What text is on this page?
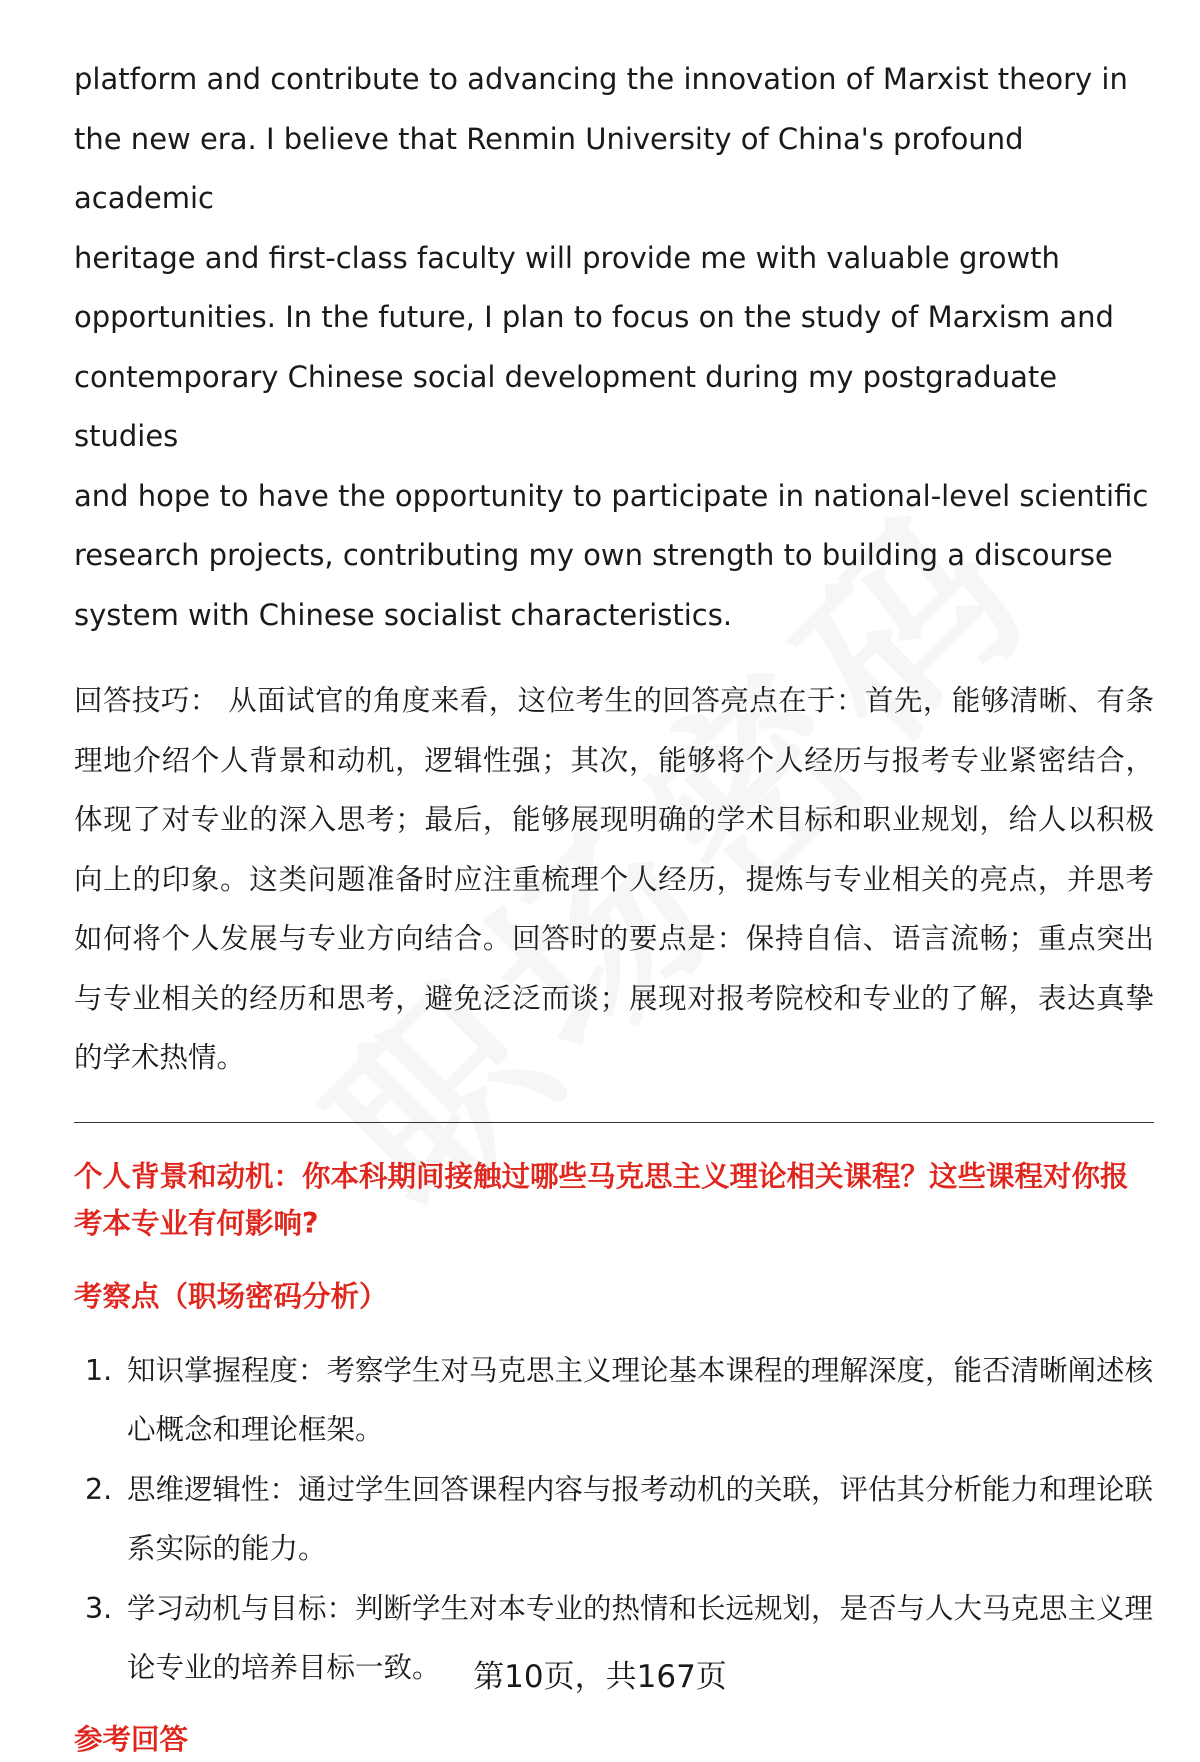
platform and contribute to advancing the innovation of Marxist theory in
the new era. I believe that Renmin University of China's profound academic
heritage and first-class faculty will provide me with valuable growth
opportunities. In the future, I plan to focus on the study of Marxism and
contemporary Chinese social development during my postgraduate studies
and hope to have the opportunity to participate in national-level scientific
research projects, contributing my own strength to building a discourse
system with Chinese socialist characteristics.

回答技巧： 从面试官的角度来看，这位考生的回答亮点在于：首先，能够清晰、有条理地介绍个人背景和动机，逻辑性强；其次，能够将个人经历与报考专业紧密结合，体现了对专业的深入思考；最后，能够展现明确的学术目标和职业规划，给人以积极向上的印象。这类问题准备时应注重梳理个人经历，提炼与专业相关的亮点，并思考如何将个人发展与专业方向结合。回答时的要点是：保持自信、语言流畅；重点突出与专业相关的经历和思考，避免泛泛而谈；展现对报考院校和专业的了解，表达真挚的学术热情。

个人背景和动机：你本科期间接触过哪些马克思主义理论相关课程？这些课程对你报考本专业有何影响?
考察点（职场密码分析）
1. 知识掌握程度：考察学生对马克思主义理论基本课程的理解深度，能否清晰阐述核心概念和理论框架。
2. 思维逻辑性：通过学生回答课程内容与报考动机的关联，评估其分析能力和理论联系实际的能力。
3. 学习动机与目标：判断学生对本专业的热情和长远规划，是否与人大马克思主义理论专业的培养目标一致。
参考回答
第10页，共167页
